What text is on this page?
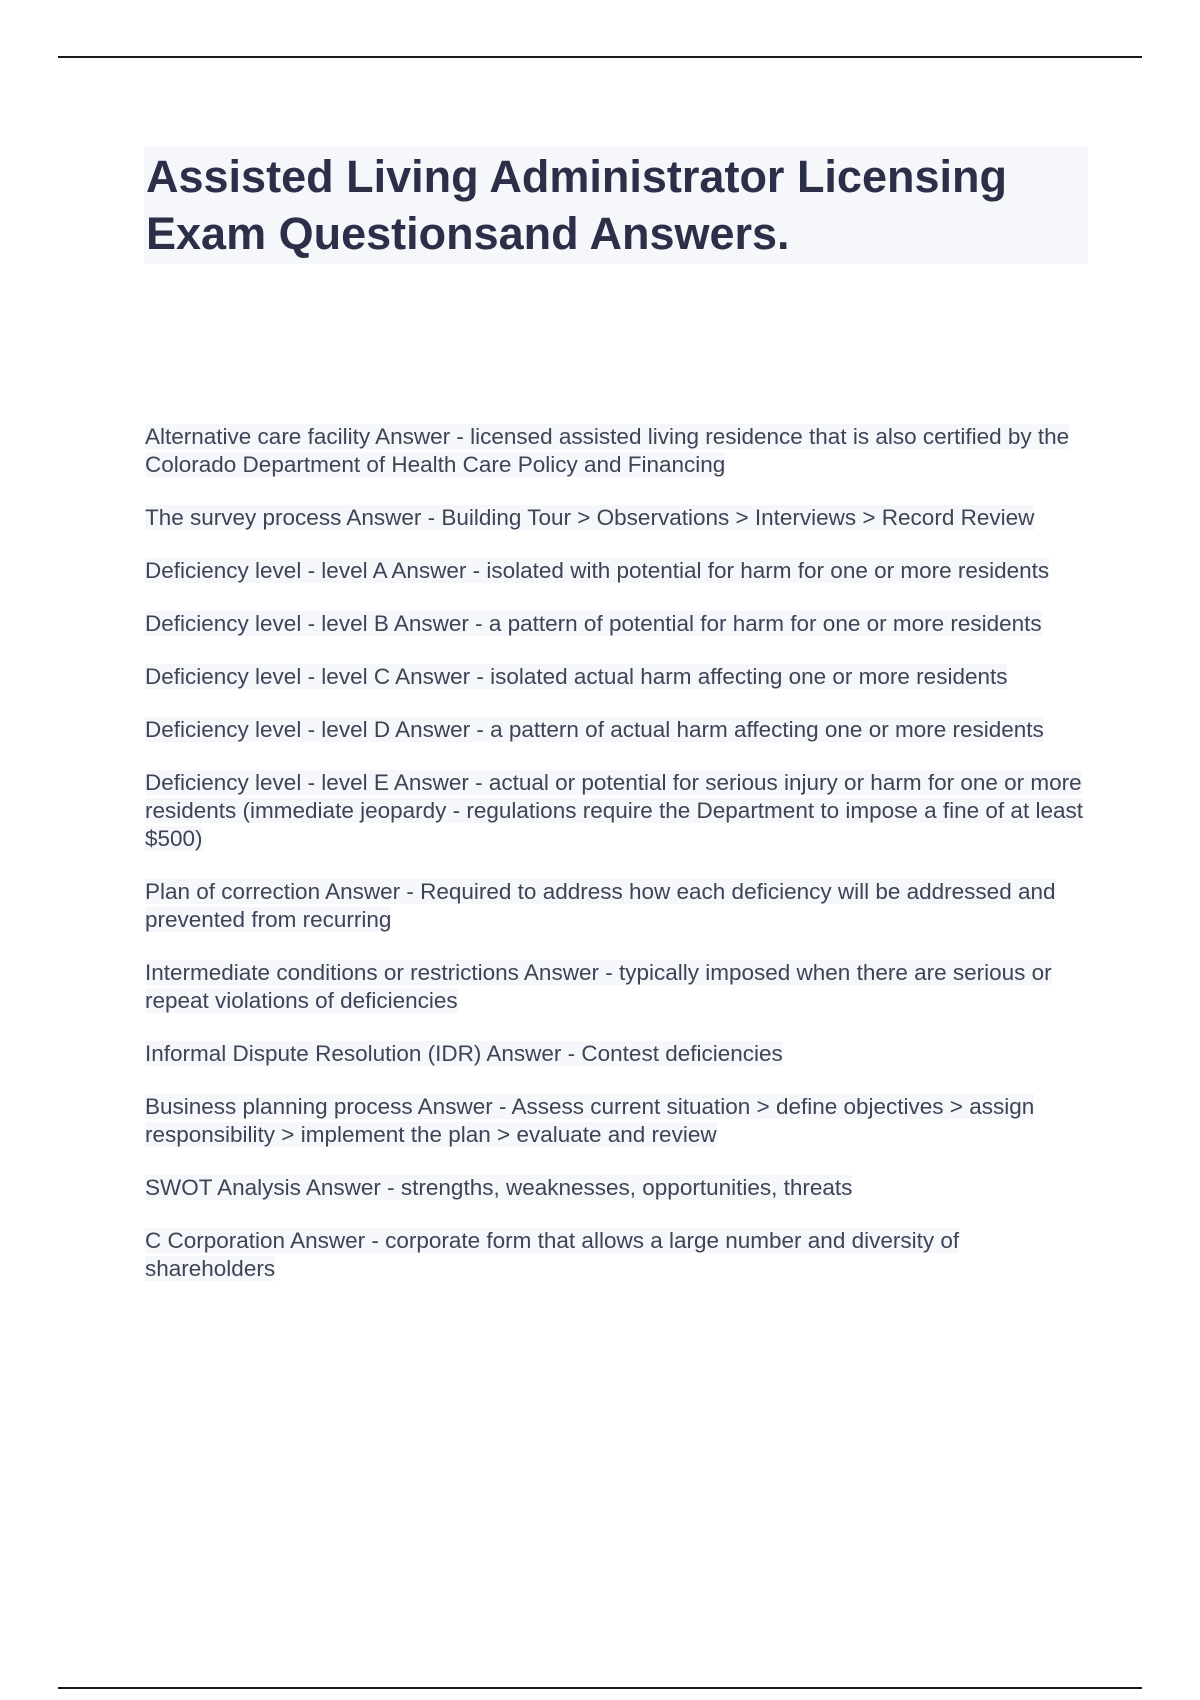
Assisted Living Administrator Licensing Exam Questionsand Answers.

Alternative care facility Answer - licensed assisted living residence that is also certified by the Colorado Department of Health Care Policy and Financing

The survey process Answer - Building Tour > Observations > Interviews > Record Review

Deficiency level - level A Answer - isolated with potential for harm for one or more residents

Deficiency level - level B Answer - a pattern of potential for harm for one or more residents

Deficiency level - level C Answer - isolated actual harm affecting one or more residents

Deficiency level - level D Answer - a pattern of actual harm affecting one or more residents

Deficiency level - level E Answer - actual or potential for serious injury or harm for one or more residents (immediate jeopardy - regulations require the Department to impose a fine of at least $500)

Plan of correction Answer - Required to address how each deficiency will be addressed and prevented from recurring

Intermediate conditions or restrictions Answer - typically imposed when there are serious or repeat violations of deficiencies

Informal Dispute Resolution (IDR) Answer - Contest deficiencies

Business planning process Answer - Assess current situation > define objectives > assign responsibility > implement the plan > evaluate and review

SWOT Analysis Answer - strengths, weaknesses, opportunities, threats

C Corporation Answer - corporate form that allows a large number and diversity of shareholders
